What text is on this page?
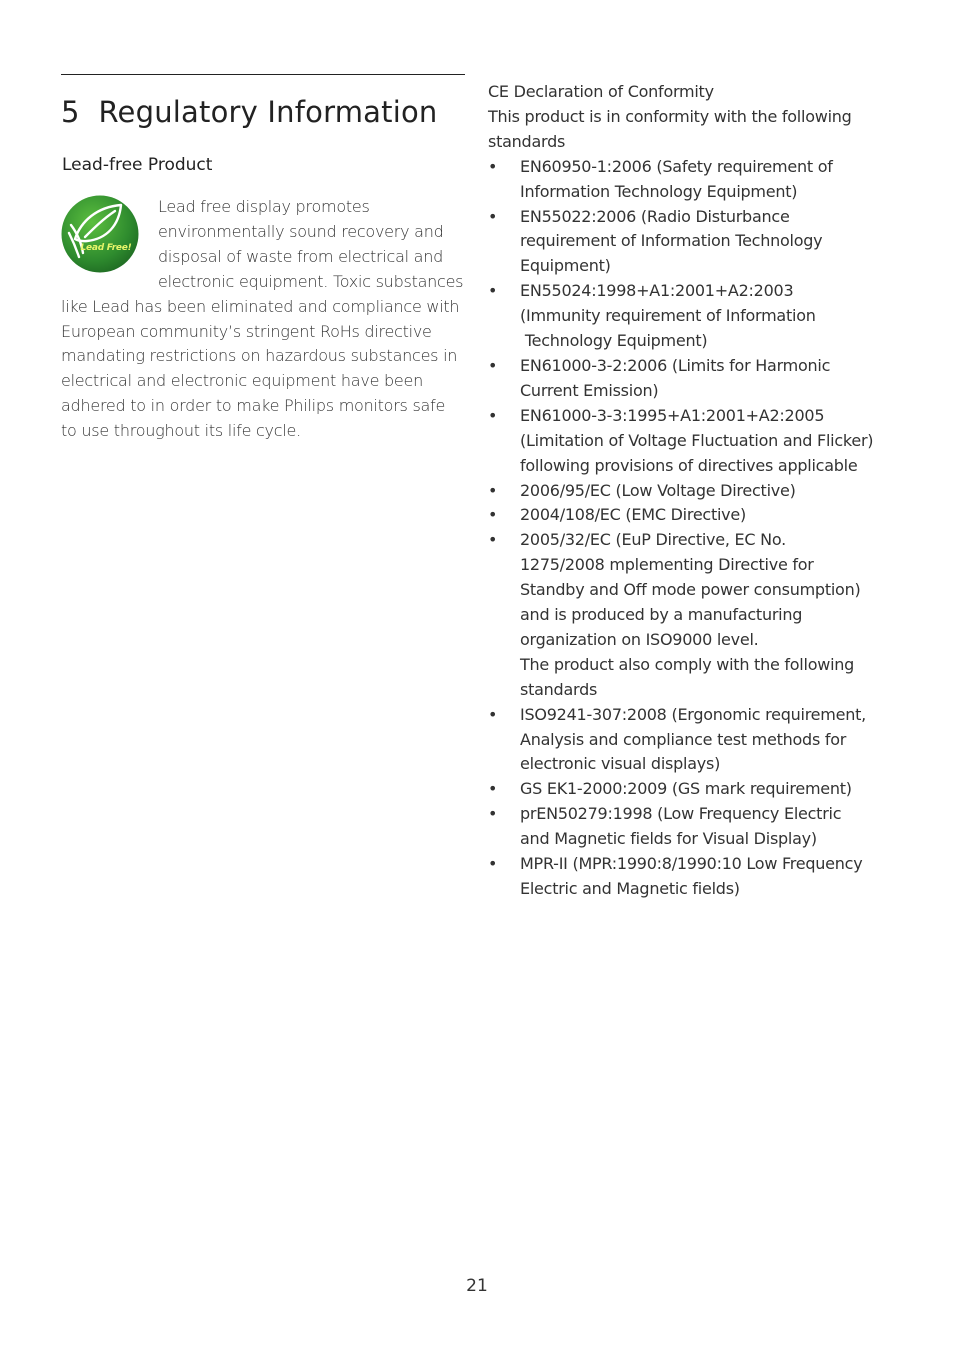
5 Regulatory Information
Lead-free Product
Lead Free!

Lead free display promotes environmentally sound recovery and disposal of waste from electrical and electronic equipment. Toxic substances like Lead has been eliminated and compliance with European community’s stringent RoHs directive mandating restrictions on hazardous substances in electrical and electronic equipment have been adhered to in order to make Philips monitors safe to use throughout its life cycle.

CE Declaration of Conformity

This product is in conformity with the following standards

• EN60950-1:2006 (Safety requirement of
Information Technology Equipment)
• EN55022:2006 (Radio Disturbance
requirement of Information Technology
Equipment)
• EN55024:1998+A1:2001+A2:2003
(Immunity requirement of Information
Technology Equipment)
• EN61000-3-2:2006 (Limits for Harmonic
Current Emission)
• EN61000-3-3:1995+A1:2001+A2:2005
(Limitation of Voltage Fluctuation and Flicker)
following provisions of directives applicable
• 2006/95/EC (Low Voltage Directive)
• 2004/108/EC (EMC Directive)
• 2005/32/EC (EuP Directive, EC No.
1275/2008 mplementing Directive for
Standby and Off mode power consumption)
and is produced by a manufacturing
organization on ISO9000 level.
The product also comply with the following
standards
• ISO9241-307:2008 (Ergonomic requirement,
Analysis and compliance test methods for
electronic visual displays)
• GS EK1-2000:2009 (GS mark requirement)
• prEN50279:1998 (Low Frequency Electric
and Magnetic fields for Visual Display)
• MPR-II (MPR:1990:8/1990:10 Low Frequency
Electric and Magnetic fields)
21
